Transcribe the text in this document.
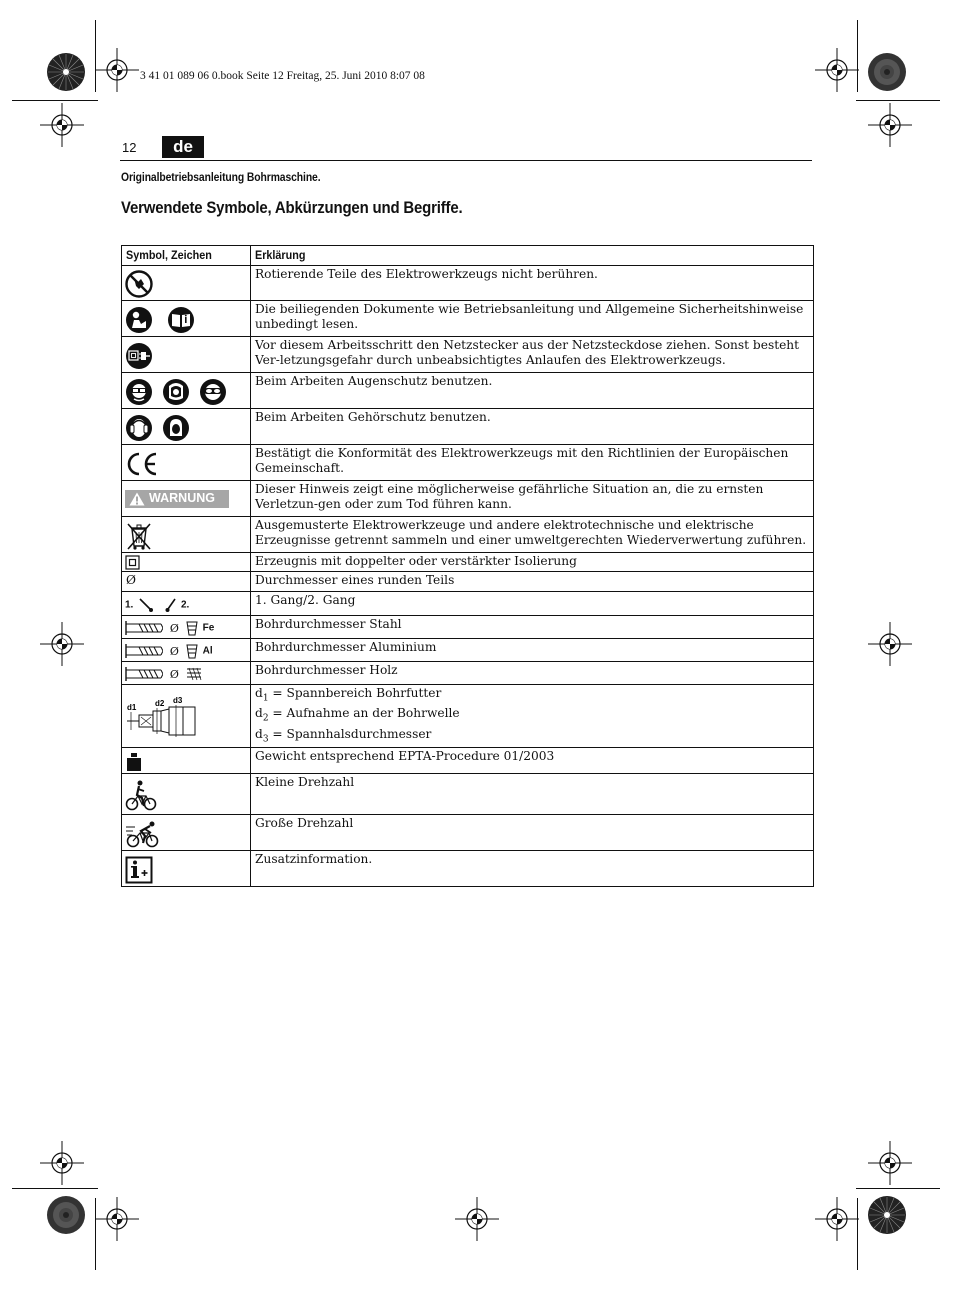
3 41 01 089 06 0.book Seite 12 Freitag, 25. Juni 2010 8:07 08
12	de
Originalbetriebsanleitung Bohrmaschine.
Verwendete Symbole, Abkürzungen und Begriffe.
Symbol, Zeichen	Erklärung
	Rotierende Teile des Elektrowerkzeugs nicht berühren.
	Die beiliegenden Dokumente wie Betriebsanleitung und Allgemeine Sicherheitshinweise unbedingt lesen.
	Vor diesem Arbeitsschritt den Netzstecker aus der Netzsteckdose ziehen. Sonst besteht Ver-letzungsgefahr durch unbeabsichtigtes Anlaufen des Elektrowerkzeugs.
	Beim Arbeiten Augenschutz benutzen.
	Beim Arbeiten Gehörschutz benutzen.
	Bestätigt die Konformität des Elektrowerkzeugs mit den Richtlinien der Europäischen Gemeinschaft.

WARNUNG	Dieser Hinweis zeigt eine möglicherweise gefährliche Situation an, die zu ernsten Verletzun-gen oder zum Tod führen kann.
	Ausgemusterte Elektrowerkzeuge und andere elektrotechnische und elektrische Erzeugnisse getrennt sammeln und einer umweltgerechten Wiederverwertung zuführen.
	Erzeugnis mit doppelter oder verstärkter Isolierung
Ø	Durchmesser eines runden Teils
1. 2.	1. Gang/2. Gang
Ø Fe	Bohrdurchmesser Stahl
Ø Al	Bohrdurchmesser Aluminium
Ø	Bohrdurchmesser Holz

d1 d2 d3	$d_1$ = Spannbereich Bohrfutter
$d_2$ = Aufnahme an der Bohrwelle
$d_3$ = Spannhalsdurchmesser

	Gewicht entsprechend EPTA-Procedure 01/2003
	Kleine Drehzahl
	Große Drehzahl
	Zusatzinformation.
